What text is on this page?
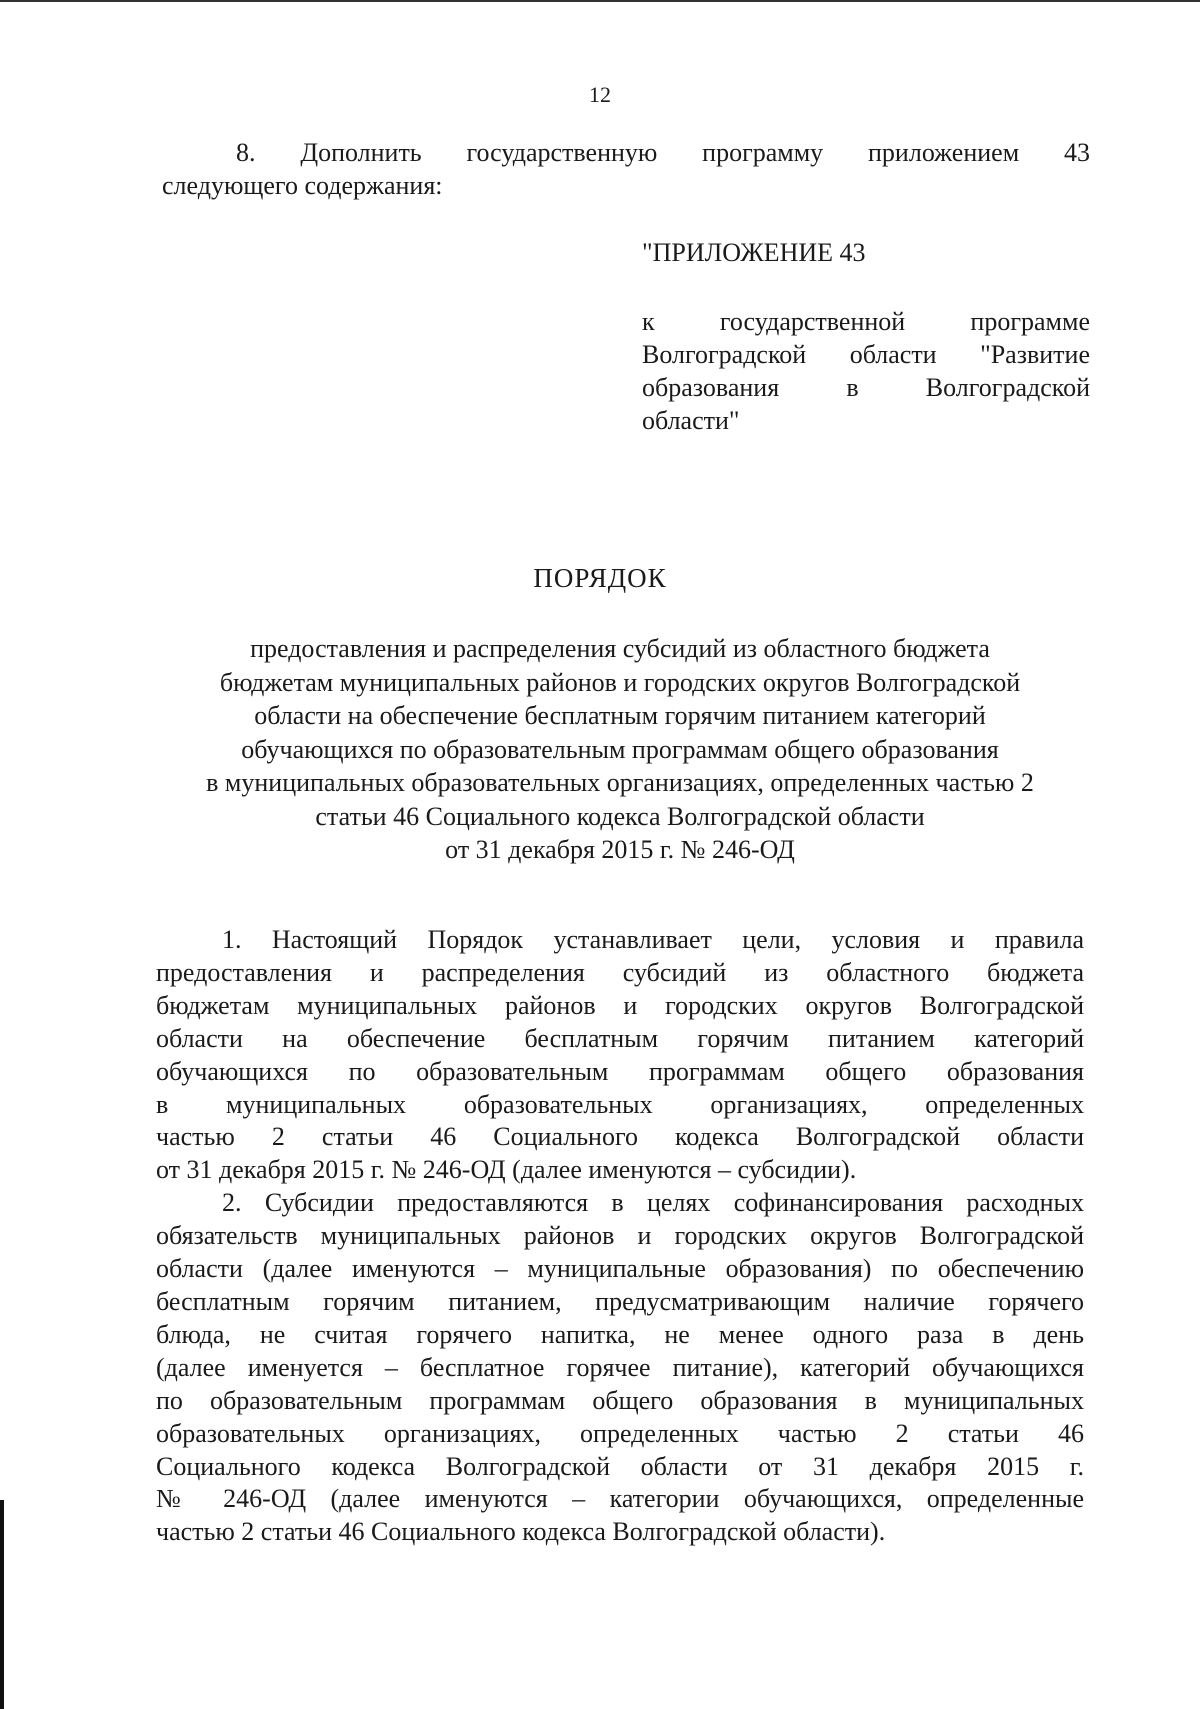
12
8. Дополнить государственную программу приложением 43
следующего содержания:
"ПРИЛОЖЕНИЕ 43
к государственной программе
Волгоградской области "Развитие
образования в Волгоградской
области"
ПОРЯДОК
предоставления и распределения субсидий из областного бюджета
бюджетам муниципальных районов и городских округов Волгоградской
области на обеспечение бесплатным горячим питанием категорий
обучающихся по образовательным программам общего образования
в муниципальных образовательных организациях, определенных частью 2
статьи 46 Социального кодекса Волгоградской области
от 31 декабря 2015 г. № 246-ОД
1. Настоящий Порядок устанавливает цели, условия и правила
предоставления и распределения субсидий из областного бюджета
бюджетам муниципальных районов и городских округов Волгоградской
области на обеспечение бесплатным горячим питанием категорий
обучающихся по образовательным программам общего образования
в муниципальных образовательных организациях, определенных
частью 2 статьи 46 Социального кодекса Волгоградской области
от 31 декабря 2015 г. № 246-ОД (далее именуются – субсидии).
2. Субсидии предоставляются в целях софинансирования расходных
обязательств муниципальных районов и городских округов Волгоградской
области (далее именуются – муниципальные образования) по обеспечению
бесплатным горячим питанием, предусматривающим наличие горячего
блюда, не считая горячего напитка, не менее одного раза в день
(далее именуется – бесплатное горячее питание), категорий обучающихся
по образовательным программам общего образования в муниципальных
образовательных организациях, определенных частью 2 статьи 46
Социального кодекса Волгоградской области от 31 декабря 2015 г.
№ 246-ОД (далее именуются – категории обучающихся, определенные
частью 2 статьи 46 Социального кодекса Волгоградской области).
